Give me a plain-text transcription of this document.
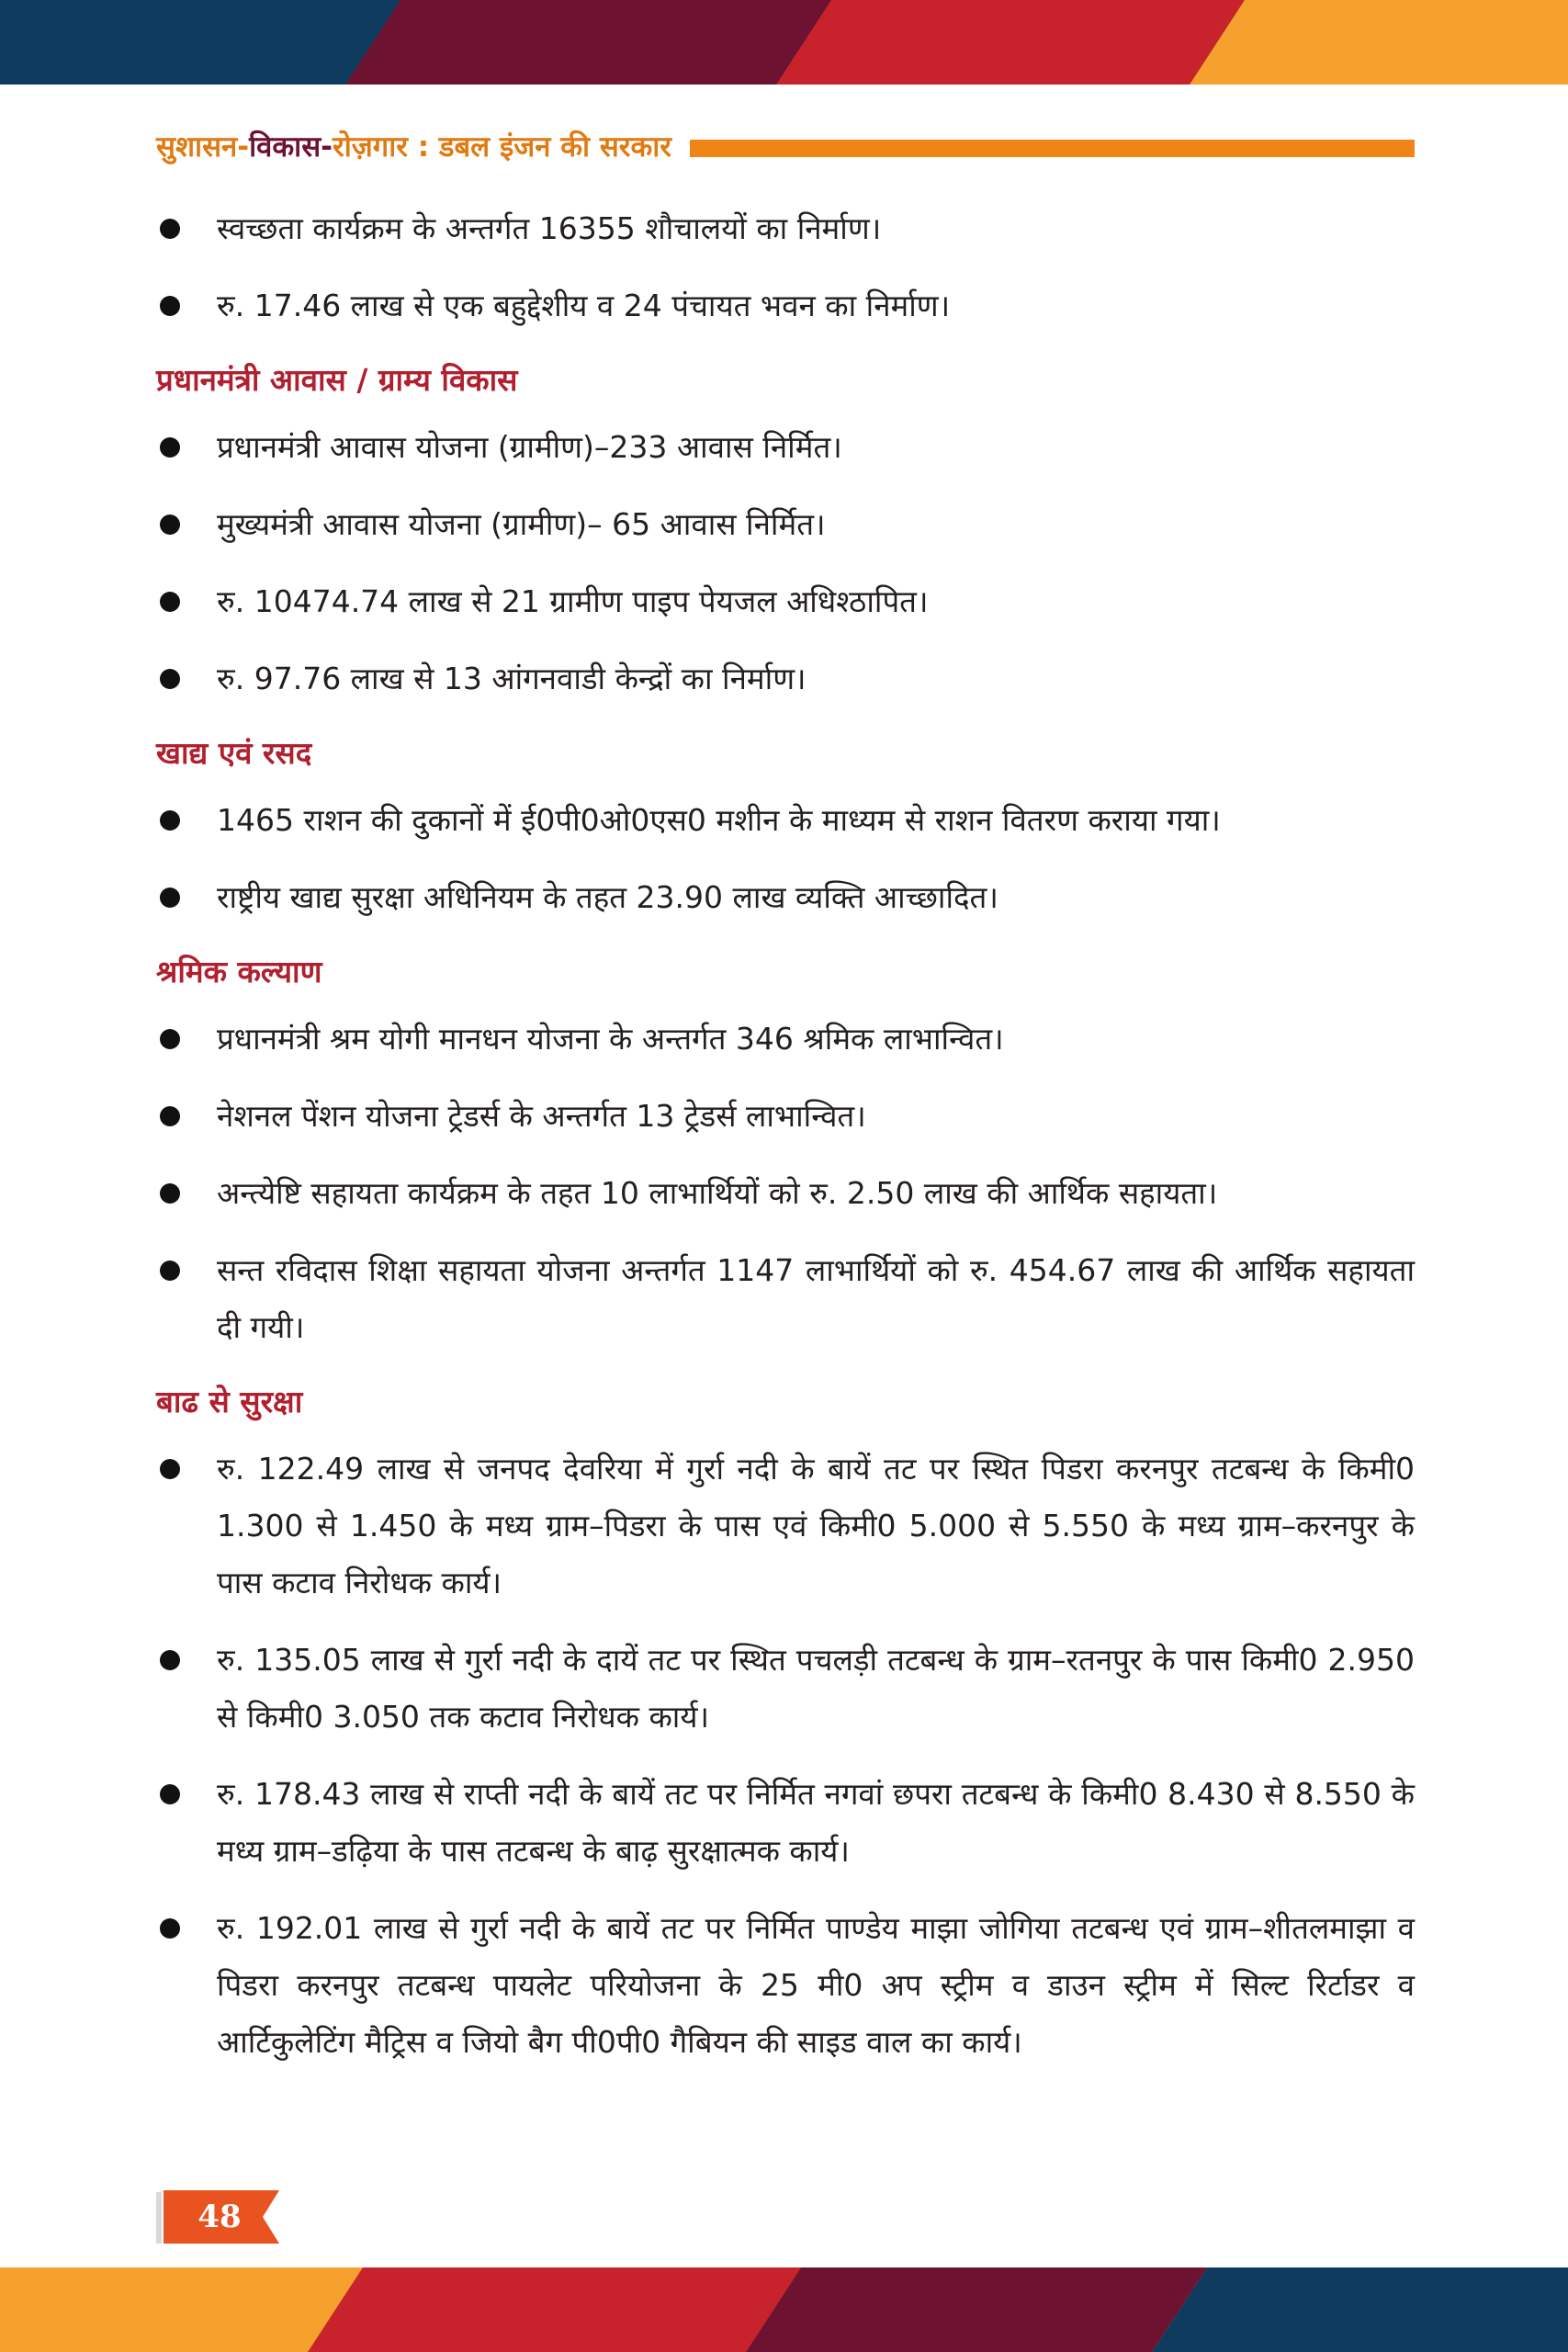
सुशासन-विकास-रोज़गार : डबल इंजन की सरकार
स्वच्छता कार्यक्रम के अन्तर्गत 16355 शौचालयों का निर्माण।
रु. 17.46 लाख से एक बहुद्देशीय व 24 पंचायत भवन का निर्माण।
प्रधानमंत्री आवास / ग्राम्य विकास
प्रधानमंत्री आवास योजना (ग्रामीण)–233 आवास निर्मित।
मुख्यमंत्री आवास योजना (ग्रामीण)– 65 आवास निर्मित।
रु. 10474.74 लाख से 21 ग्रामीण पाइप पेयजल अधिश्ठापित।
रु. 97.76 लाख से 13 आंगनवाडी केन्द्रों का निर्माण।
खाद्य एवं रसद
1465 राशन की दुकानों में ई0पी0ओ0एस0 मशीन के माध्यम से राशन वितरण कराया गया।
राष्ट्रीय खाद्य सुरक्षा अधिनियम के तहत 23.90 लाख व्यक्ति आच्छादित।
श्रमिक कल्याण
प्रधानमंत्री श्रम योगी मानधन योजना के अन्तर्गत 346 श्रमिक लाभान्वित।
नेशनल पेंशन योजना ट्रेडर्स के अन्तर्गत 13 ट्रेडर्स लाभान्वित।
अन्त्येष्टि सहायता कार्यक्रम के तहत 10 लाभार्थियों को रु. 2.50 लाख की आर्थिक सहायता।
सन्त रविदास शिक्षा सहायता योजना अन्तर्गत 1147 लाभार्थियों को रु. 454.67 लाख की आर्थिक सहायता दी गयी।
बाढ से सुरक्षा
रु. 122.49 लाख से जनपद देवरिया में गुर्रा नदी के बायें तट पर स्थित पिडरा करनपुर तटबन्ध के किमी0 1.300 से 1.450 के मध्य ग्राम–पिडरा के पास एवं किमी0 5.000 से 5.550 के मध्य ग्राम–करनपुर के पास कटाव निरोधक कार्य।
रु. 135.05 लाख से गुर्रा नदी के दायें तट पर स्थित पचलड़ी तटबन्ध के ग्राम–रतनपुर के पास किमी0 2.950 से किमी0 3.050 तक कटाव निरोधक कार्य।
रु. 178.43 लाख से राप्ती नदी के बायें तट पर निर्मित नगवां छपरा तटबन्ध के किमी0 8.430 से 8.550 के मध्य ग्राम–डढ़िया के पास तटबन्ध के बाढ़ सुरक्षात्मक कार्य।
रु. 192.01 लाख से गुर्रा नदी के बायें तट पर निर्मित पाण्डेय माझा जोगिया तटबन्ध एवं ग्राम–शीतलमाझा व पिडरा करनपुर तटबन्ध पायलेट परियोजना के 25 मी0 अप स्ट्रीम व डाउन स्ट्रीम में सिल्ट रिर्टाडर व आर्टिकुलेटिंग मैट्रिस व जियो बैग पी0पी0 गैबियन की साइड वाल का कार्य।
48
